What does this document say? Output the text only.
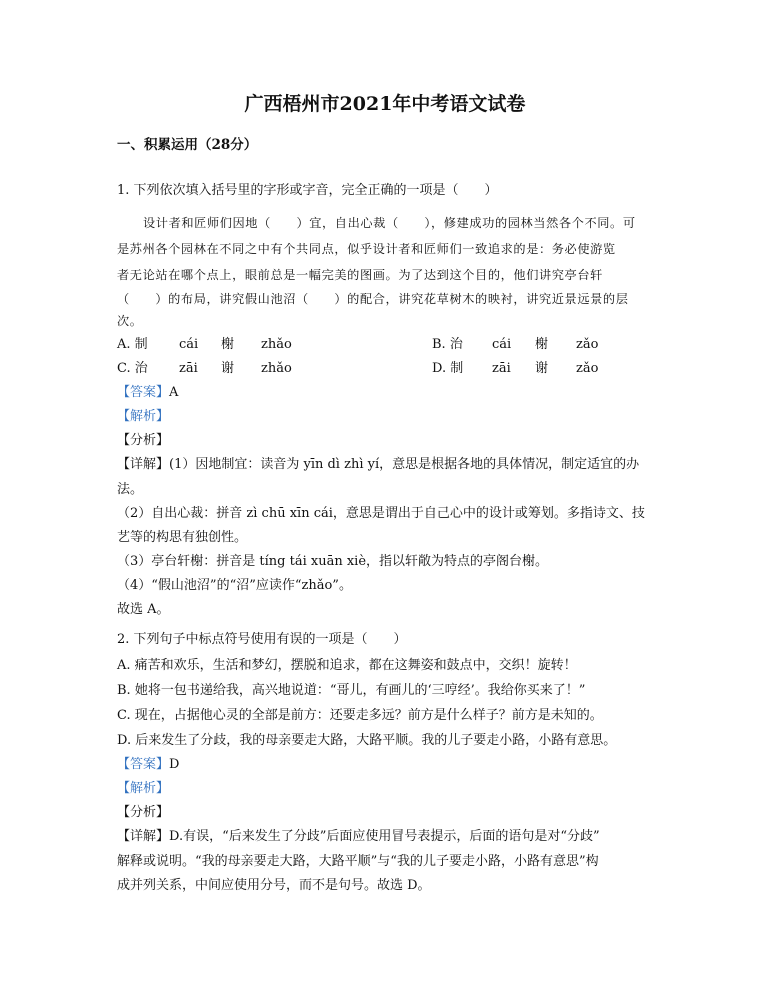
广西梧州市2021年中考语文试卷
一、积累运用（28分）
1. 下列依次填入括号里的字形或字音，完全正确的一项是（　　）
设计者和匠师们因地（　　）宜，自出心裁（　　），修建成功的园林当然各个不同。可
是苏州各个园林在不同之中有个共同点，似乎设计者和匠师们一致追求的是：务必使游览
者无论站在哪个点上，眼前总是一幅完美的图画。为了达到这个目的，他们讲究亭台轩
（　　）的布局，讲究假山池沼（　　）的配合，讲究花草树木的映衬，讲究近景远景的层
次。
A. 制 cái 榭 zhǎo	B. 治 cái 榭 zǎo
C. 治 zāi 谢 zhǎo	D. 制 zāi 谢 zǎo
【答案】A
【解析】
【分析】
【详解】(1）因地制宜：读音为 yīn dì zhì yí，意思是根据各地的具体情况，制定适宜的办
法。
（2）自出心裁：拼音 zì chū xīn cái，意思是谓出于自己心中的设计或筹划。多指诗文、技
艺等的构思有独创性。
（3）亭台轩榭：拼音是 tíng tái xuān xiè，指以轩敞为特点的亭阁台榭。
（4）“假山池沼”的“沼”应读作“zhǎo”。
故选 A。
2. 下列句子中标点符号使用有误的一项是（　　）
A. 痛苦和欢乐，生活和梦幻，摆脱和追求，都在这舞姿和鼓点中，交织！旋转！
B. 她将一包书递给我，高兴地说道：“哥儿，有画儿的‘三哼经’。我给你买来了！”
C. 现在，占据他心灵的全部是前方：还要走多远？前方是什么样子？前方是未知的。
D. 后来发生了分歧，我的母亲要走大路，大路平顺。我的儿子要走小路，小路有意思。
【答案】D
【解析】
【分析】
【详解】D.有误，“后来发生了分歧”后面应使用冒号表提示，后面的语句是对“分歧”
解释或说明。“我的母亲要走大路，大路平顺”与“我的儿子要走小路，小路有意思”构
成并列关系，中间应使用分号，而不是句号。故选 D。
